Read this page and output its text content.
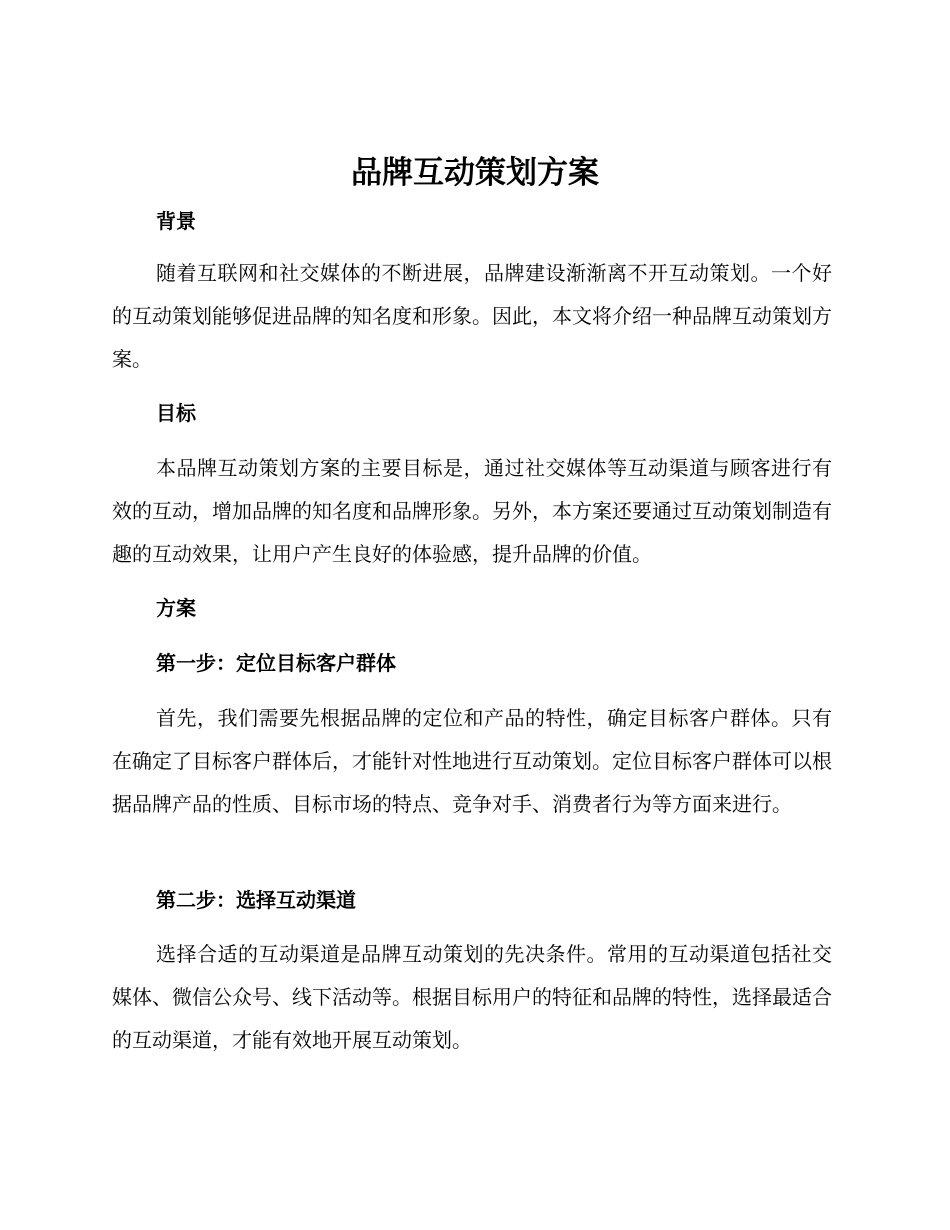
品牌互动策划方案
背景

随着互联网和社交媒体的不断进展，品牌建设渐渐离不开互动策划。一个好的互动策划能够促进品牌的知名度和形象。因此，本文将介绍一种品牌互动策划方案。

目标

本品牌互动策划方案的主要目标是，通过社交媒体等互动渠道与顾客进行有效的互动，增加品牌的知名度和品牌形象。另外，本方案还要通过互动策划制造有趣的互动效果，让用户产生良好的体验感，提升品牌的价值。

方案
第一步：定位目标客户群体

首先，我们需要先根据品牌的定位和产品的特性，确定目标客户群体。只有在确定了目标客户群体后，才能针对性地进行互动策划。定位目标客户群体可以根据品牌产品的性质、目标市场的特点、竞争对手、消费者行为等方面来进行。

第二步：选择互动渠道

选择合适的互动渠道是品牌互动策划的先决条件。常用的互动渠道包括社交媒体、微信公众号、线下活动等。根据目标用户的特征和品牌的特性，选择最适合的互动渠道，才能有效地开展互动策划。
